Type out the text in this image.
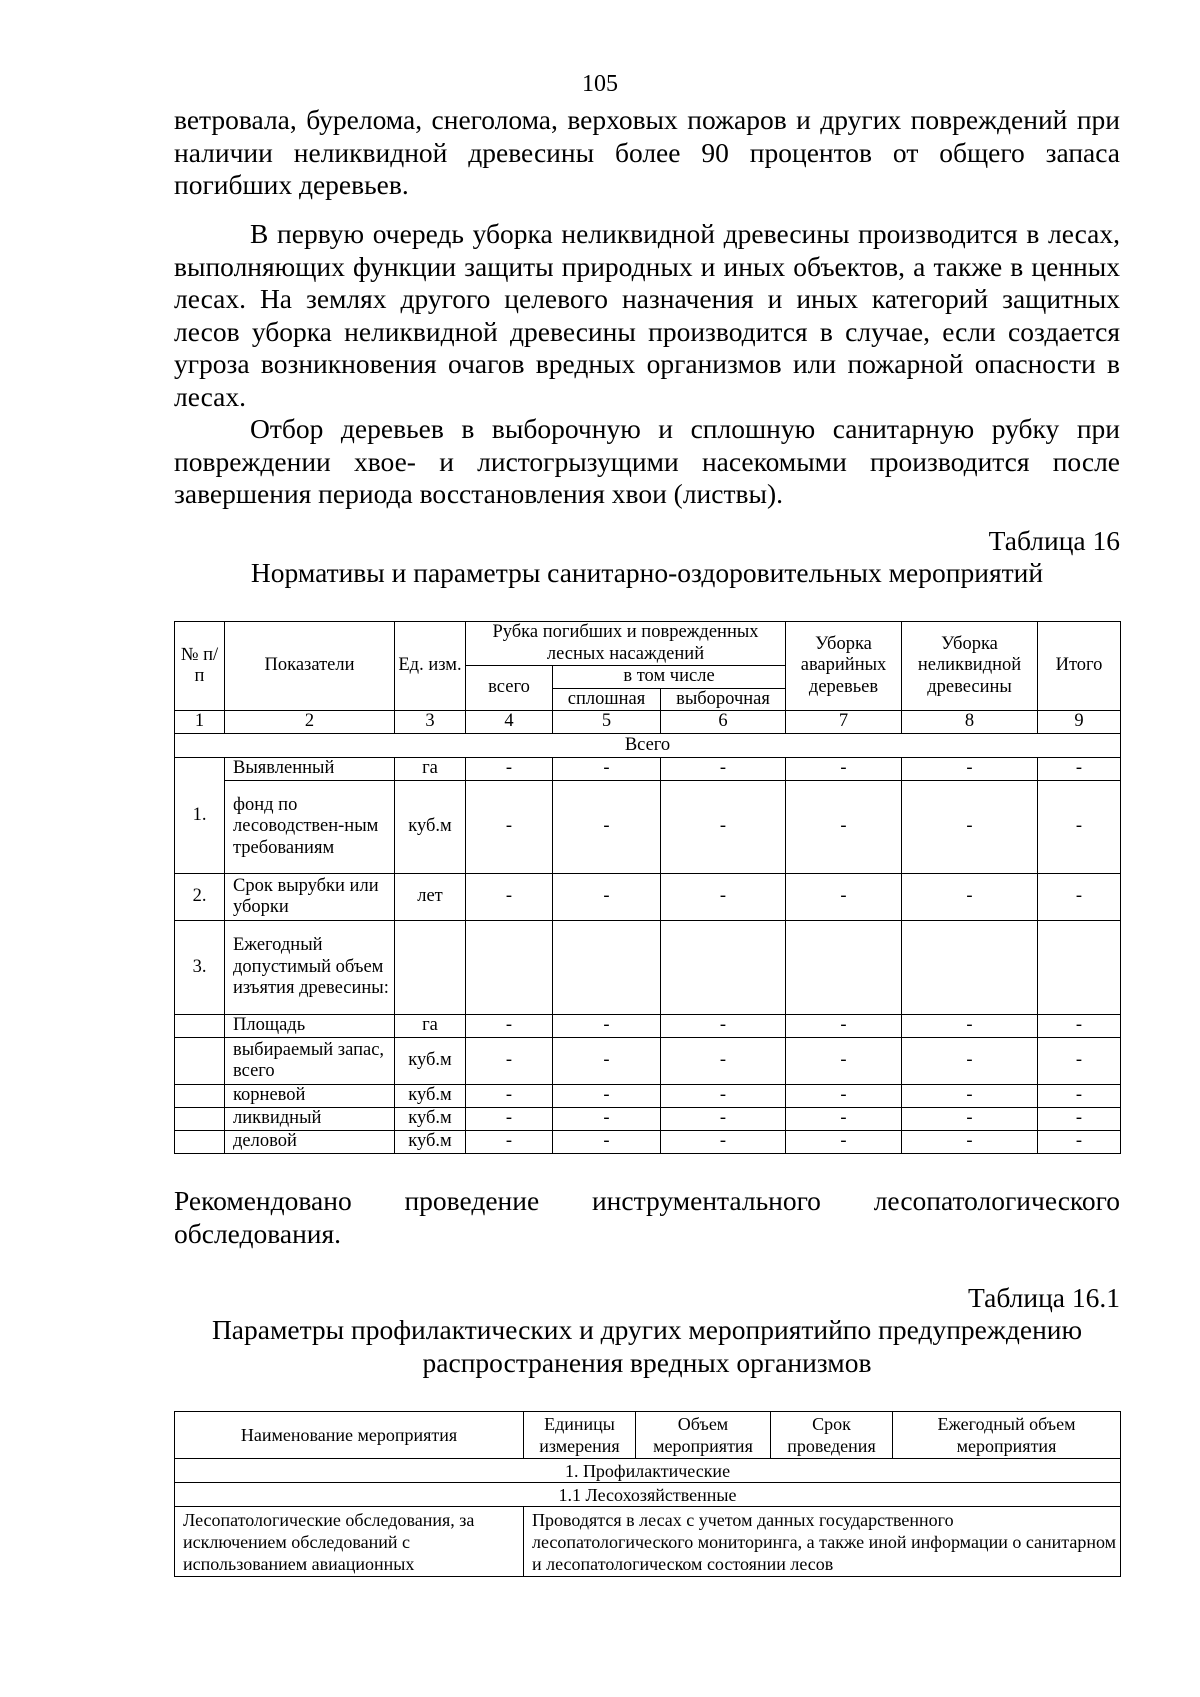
105

ветровала, бурелома, снеголома, верховых пожаров и других повреждений при наличии неликвидной древесины более 90 процентов от общего запаса погибших деревьев.

В первую очередь уборка неликвидной древесины производится в лесах, выполняющих функции защиты природных и иных объектов, а также в ценных лесах. На землях другого целевого назначения и иных категорий защитных лесов уборка неликвидной древесины производится в случае, если создается угроза возникновения очагов вредных организмов или пожарной опасности в лесах.

Отбор деревьев в выборочную и сплошную санитарную рубку при повреждении хвое- и листогрызущими насекомыми производится после завершения периода восстановления хвои (листвы).

Таблица 16
Нормативы и параметры санитарно-оздоровительных мероприятий
№ п/п	Показатели	Ед. изм.	Рубка погибших и поврежденных лесных насаждений			Уборка аварийных деревьев	Уборка неликвидной древесины	Итого
			всего	в том числе				
				сплошная	выборочная			
1	2	3	4	5	6	7	8	9
Всего								
1.	Выявленный	га	-	-	-	-	-	-
	фонд по лесоводствен-ным требованиям	куб.м	-	-	-	-	-	-
2.	Срок вырубки или уборки	лет	-	-	-	-	-	-
3.	Ежегодный допустимый объем изъятия древесины:							
	Площадь	га	-	-	-	-	-	-
	выбираемый запас, всего	куб.м	-	-	-	-	-	-
	корневой	куб.м	-	-	-	-	-	-
	ликвидный	куб.м	-	-	-	-	-	-
	деловой	куб.м	-	-	-	-	-	-

Рекомендовано проведение инструментального лесопатологического обследования.

Таблица 16.1
Параметры профилактических и других мероприятийпо предупреждению распространения вредных организмов
Наименование мероприятия	Единицы измерения	Объем мероприятия	Срок проведения	Ежегодный объем мероприятия
1. Профилактические				
1.1 Лесохозяйственные				
Лесопатологические обследования, за исключением обследований с использованием авиационных	Проводятся в лесах с учетом данных государственного лесопатологического мониторинга, а также иной информации о санитарном и лесопатологическом состоянии лесов			
